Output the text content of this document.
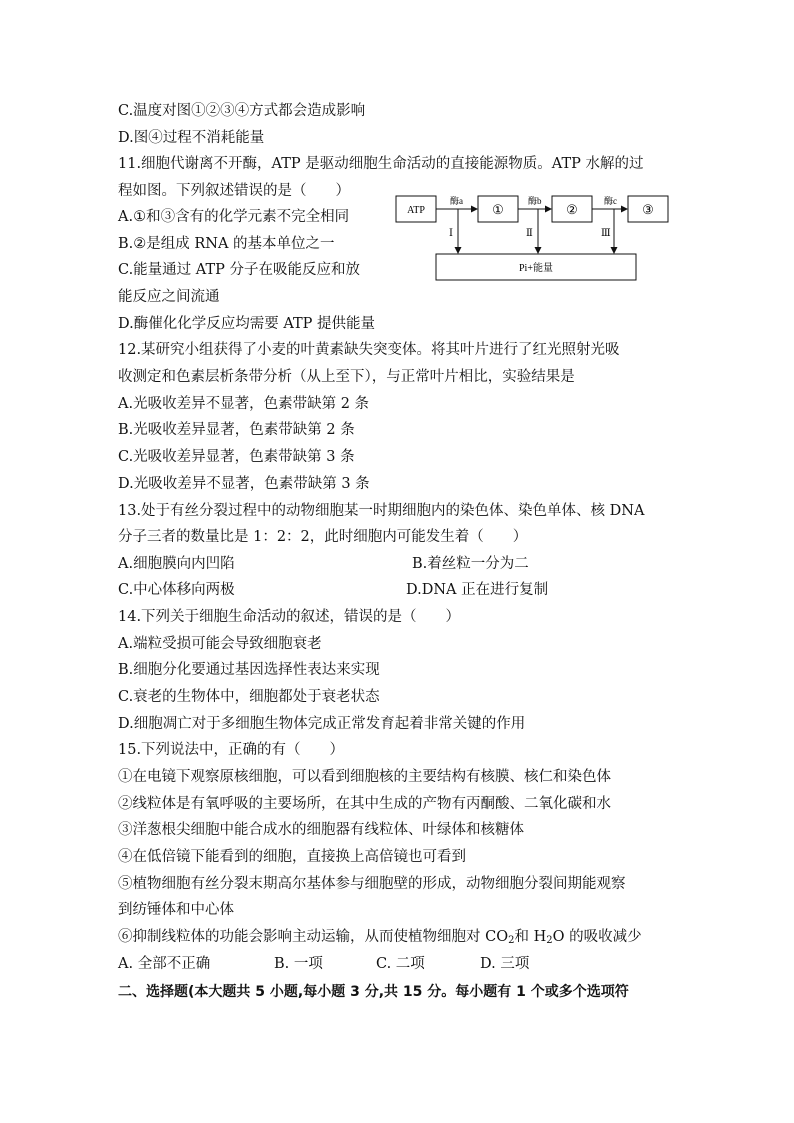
C.温度对图①②③④方式都会造成影响
D.图④过程不消耗能量
11.细胞代谢离不开酶，ATP 是驱动细胞生命活动的直接能源物质。ATP 水解的过
程如图。下列叙述错误的是（　　）
A.①和③含有的化学元素不完全相同
B.②是组成 RNA 的基本单位之一
C.能量通过 ATP 分子在吸能反应和放
能反应之间流通
D.酶催化化学反应均需要 ATP 提供能量
ATP	①	②	③
酶a	酶b	酶c
Ⅰ	Ⅱ	Ⅲ
Pi+能量
12.某研究小组获得了小麦的叶黄素缺失突变体。将其叶片进行了红光照射光吸
收测定和色素层析条带分析（从上至下），与正常叶片相比，实验结果是
A.光吸收差异不显著，色素带缺第 2 条
B.光吸收差异显著，色素带缺第 2 条
C.光吸收差异显著，色素带缺第 3 条
D.光吸收差异不显著，色素带缺第 3 条
13.处于有丝分裂过程中的动物细胞某一时期细胞内的染色体、染色单体、核 DNA
分子三者的数量比是 1：2：2，此时细胞内可能发生着（　　）
A.细胞膜向内凹陷	B.着丝粒一分为二
C.中心体移向两极	D.DNA 正在进行复制
14.下列关于细胞生命活动的叙述，错误的是（　　）
A.端粒受损可能会导致细胞衰老
B.细胞分化要通过基因选择性表达来实现
C.衰老的生物体中，细胞都处于衰老状态
D.细胞凋亡对于多细胞生物体完成正常发育起着非常关键的作用
15.下列说法中，正确的有（　　）
①在电镜下观察原核细胞，可以看到细胞核的主要结构有核膜、核仁和染色体
②线粒体是有氧呼吸的主要场所，在其中生成的产物有丙酮酸、二氧化碳和水
③洋葱根尖细胞中能合成水的细胞器有线粒体、叶绿体和核糖体
④在低倍镜下能看到的细胞，直接换上高倍镜也可看到
⑤植物细胞有丝分裂末期高尔基体参与细胞壁的形成，动物细胞分裂间期能观察
到纺锤体和中心体
⑥抑制线粒体的功能会影响主动运输，从而使植物细胞对 $CO_2$和 $H_2O$ 的吸收减少
A. 全部不正确	B. 一项	C. 二项	D. 三项
二、选择题(本大题共 5 小题,每小题 3 分,共 15 分。每小题有 1 个或多个选项符
